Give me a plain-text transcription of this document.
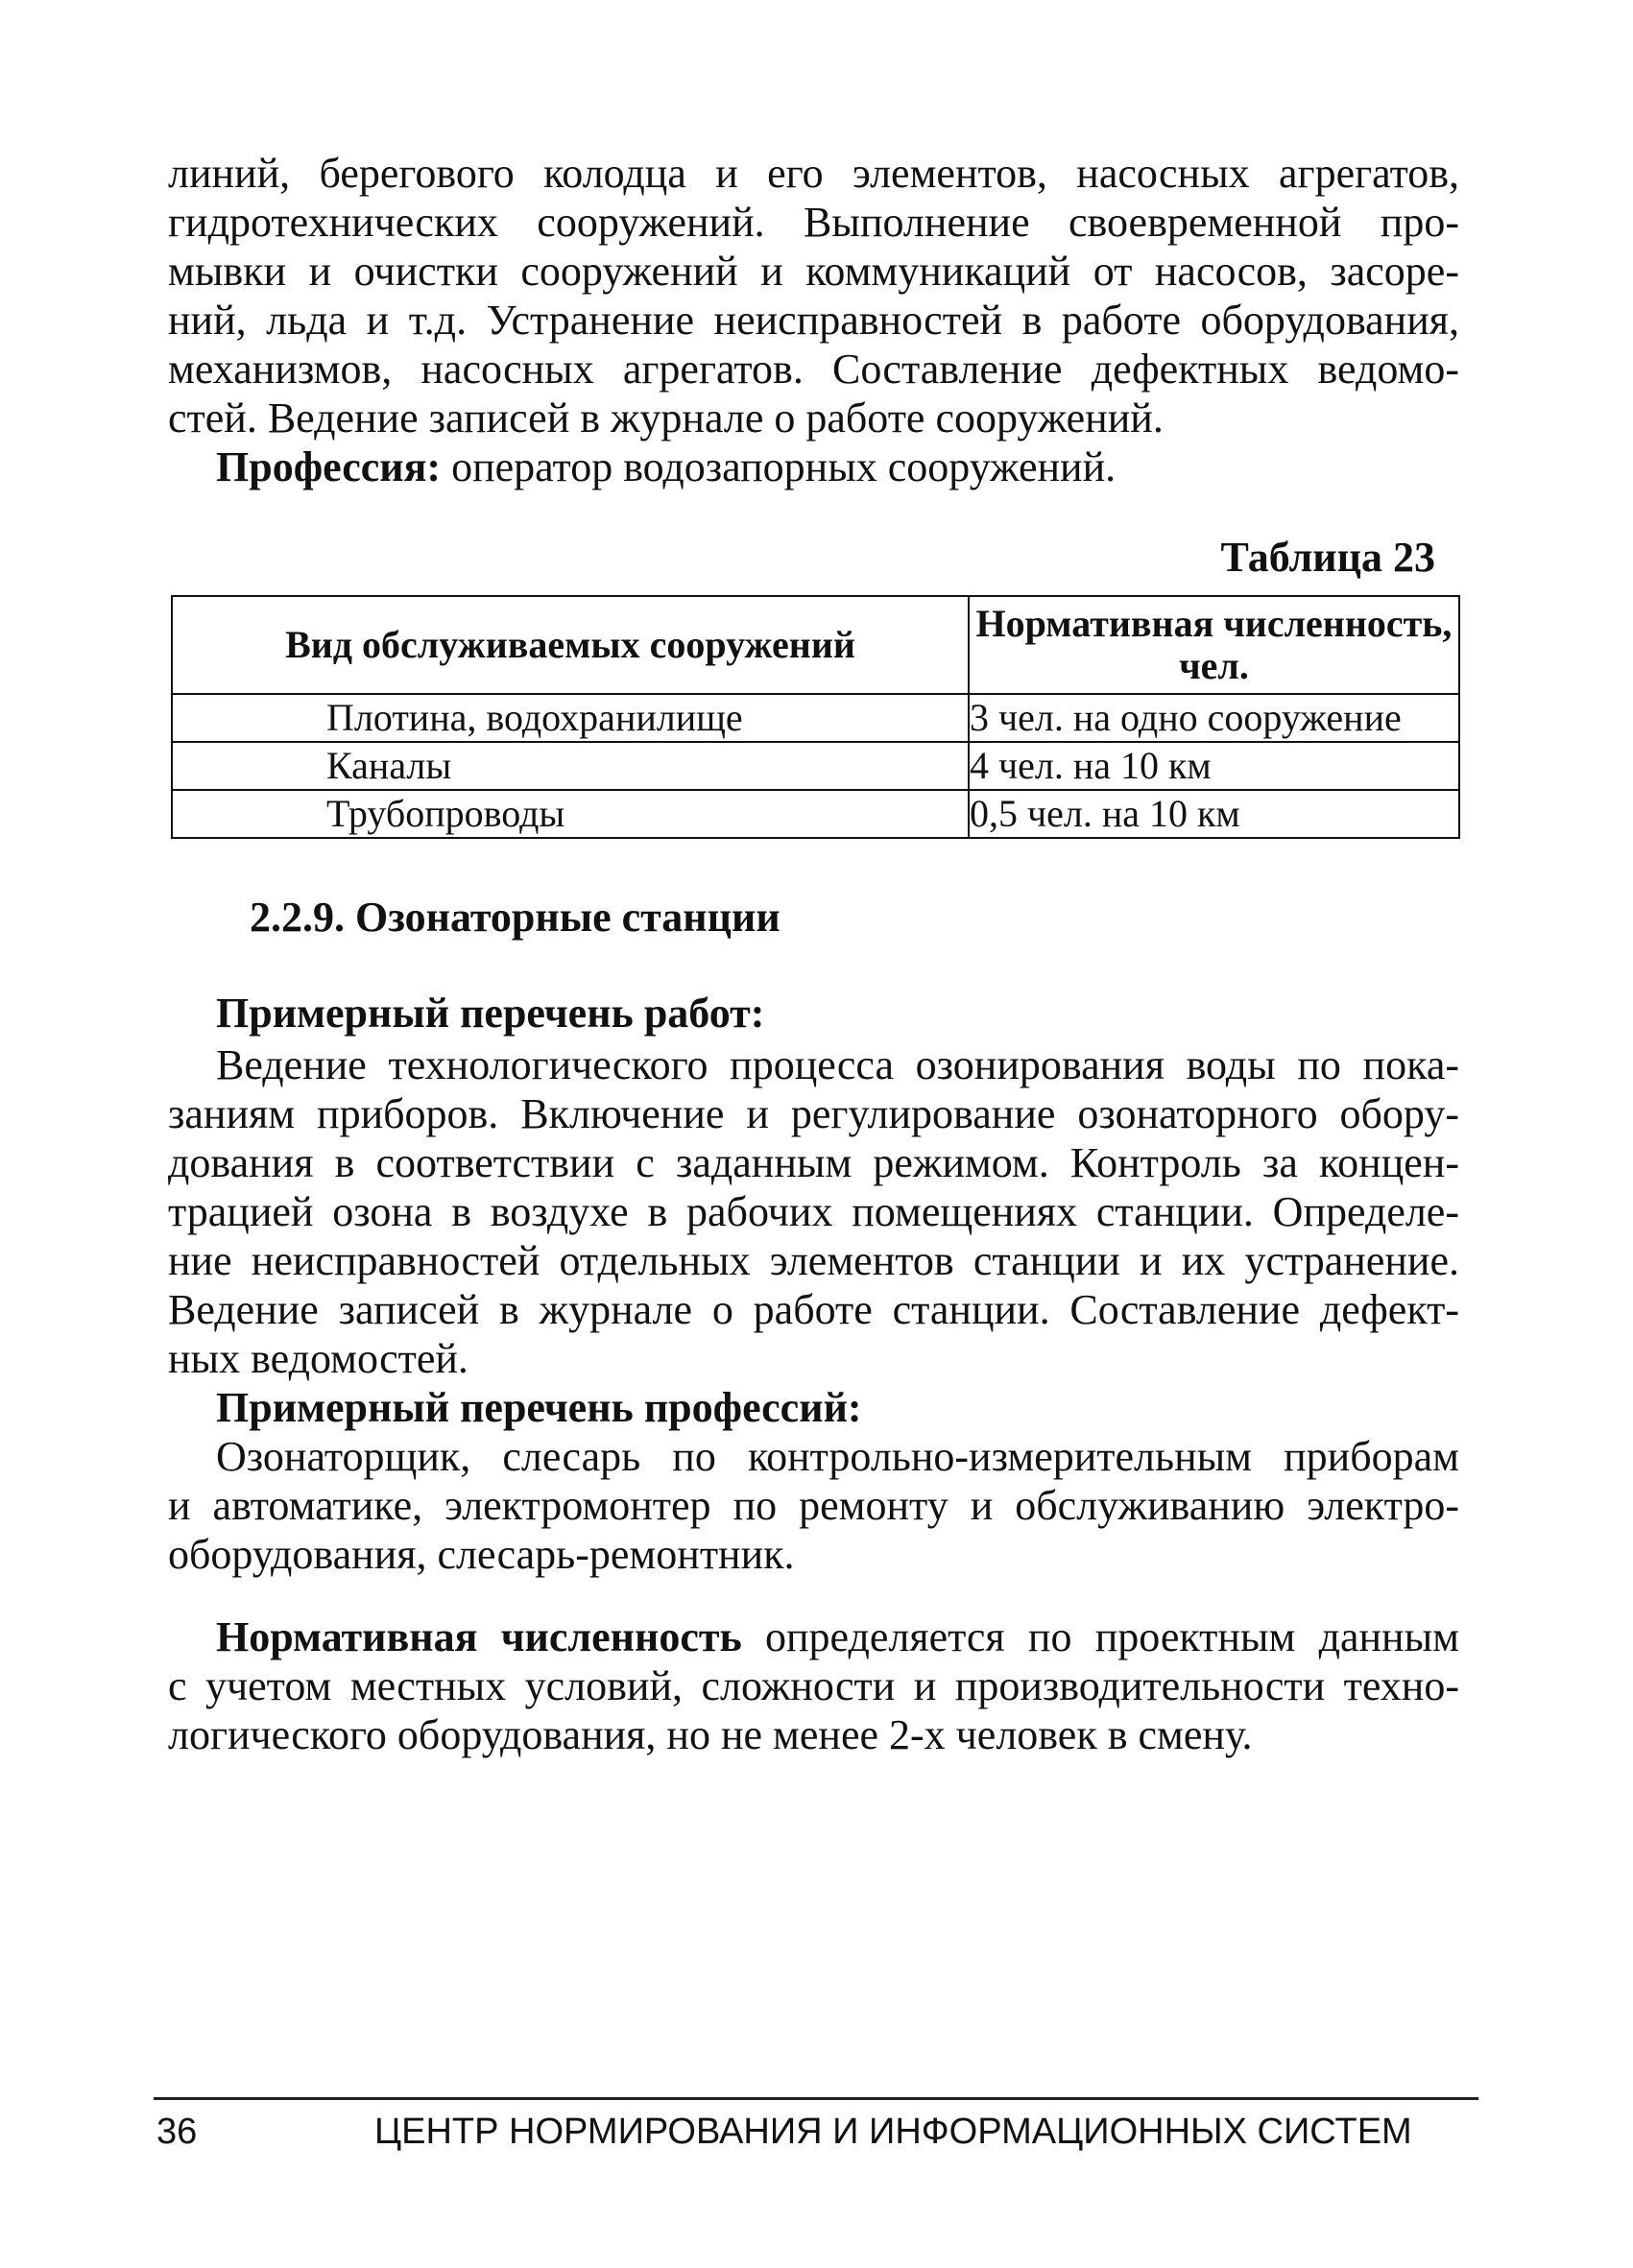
линий, берегового колодца и его элементов, насосных агрегатов,
гидротехнических сооружений. Выполнение своевременной про-
мывки и очистки сооружений и коммуникаций от насосов, засоре-
ний, льда и т.д. Устранение неисправностей в работе оборудования,
механизмов, насосных агрегатов. Составление дефектных ведомо-
стей. Ведение записей в журнале о работе сооружений.
Профессия: оператор водозапорных сооружений.
Таблица 23
Вид обслуживаемых сооружений	Нормативная численность, чел.
Плотина, водохранилище	3 чел. на одно сооружение
Каналы	4 чел. на 10 км
Трубопроводы	0,5 чел. на 10 км
2.2.9. Озонаторные станции
Примерный перечень работ:
Ведение технологического процесса озонирования воды по пока-
заниям приборов. Включение и регулирование озонаторного обору-
дования в соответствии с заданным режимом. Контроль за концен-
трацией озона в воздухе в рабочих помещениях станции. Определе-
ние неисправностей отдельных элементов станции и их устранение.
Ведение записей в журнале о работе станции. Составление дефект-
ных ведомостей.
Примерный перечень профессий:
Озонаторщик, слесарь по контрольно-измерительным приборам
и автоматике, электромонтер по ремонту и обслуживанию электро-
оборудования, слесарь-ремонтник.
Нормативная численность определяется по проектным данным
с учетом местных условий, сложности и производительности техно-
логического оборудования, но не менее 2-х человек в смену.
36	ЦЕНТР НОРМИРОВАНИЯ И ИНФОРМАЦИОННЫХ СИСТЕМ
